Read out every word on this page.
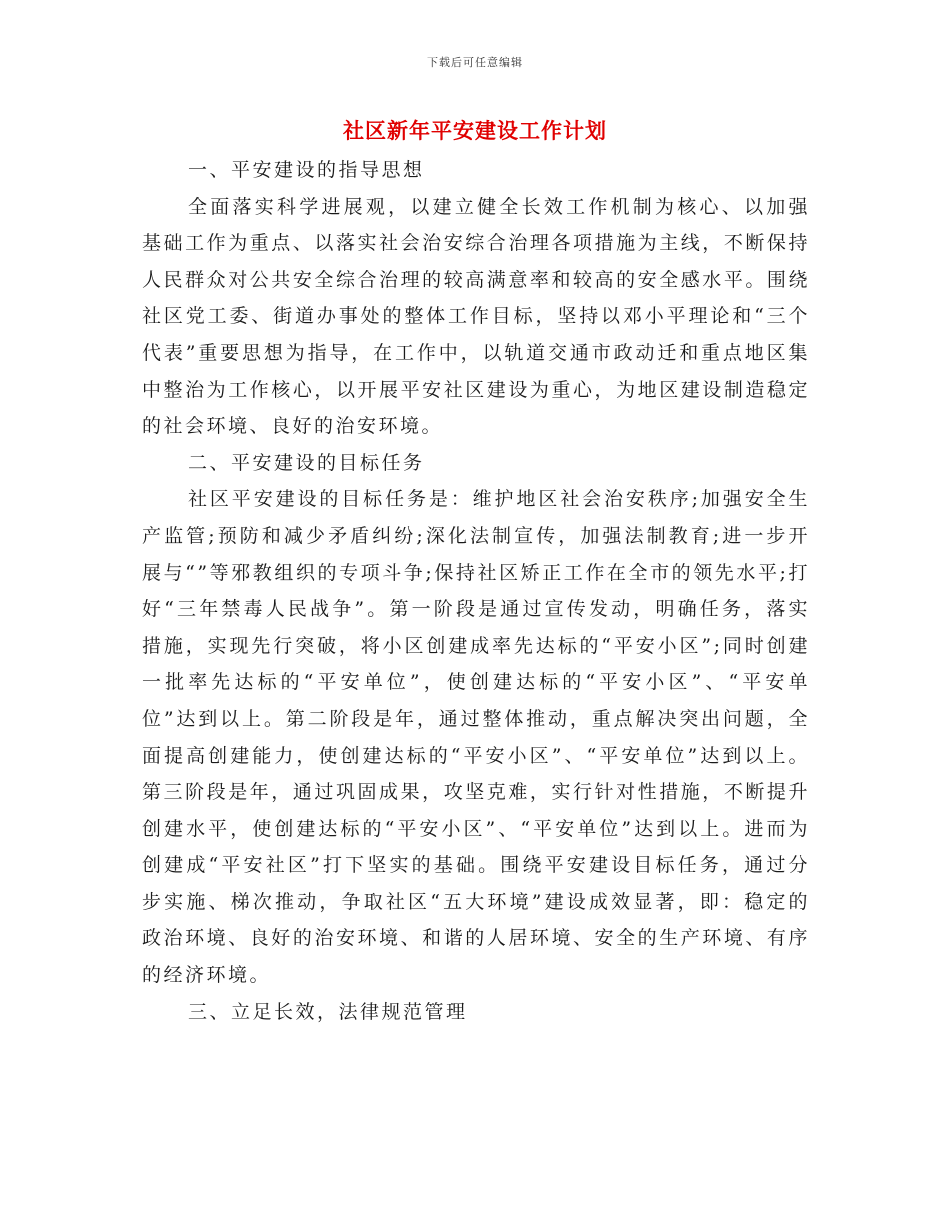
下载后可任意编辑
社区新年平安建设工作计划

一、平安建设的指导思想

全面落实科学进展观，以建立健全长效工作机制为核心、以加强基础工作为重点、以落实社会治安综合治理各项措施为主线，不断保持人民群众对公共安全综合治理的较高满意率和较高的安全感水平。围绕社区党工委、街道办事处的整体工作目标，坚持以邓小平理论和“三个代表”重要思想为指导，在工作中，以轨道交通市政动迁和重点地区集中整治为工作核心，以开展平安社区建设为重心，为地区建设制造稳定的社会环境、良好的治安环境。

二、平安建设的目标任务

社区平安建设的目标任务是：维护地区社会治安秩序;加强安全生产监管;预防和减少矛盾纠纷;深化法制宣传，加强法制教育;进一步开展与“”等邪教组织的专项斗争;保持社区矫正工作在全市的领先水平;打好“三年禁毒人民战争”。第一阶段是通过宣传发动，明确任务，落实措施，实现先行突破，将小区创建成率先达标的“平安小区”;同时创建一批率先达标的“平安单位”，使创建达标的“平安小区”、“平安单位”达到以上。第二阶段是年，通过整体推动，重点解决突出问题，全面提高创建能力，使创建达标的“平安小区”、“平安单位”达到以上。第三阶段是年，通过巩固成果，攻坚克难，实行针对性措施，不断提升创建水平，使创建达标的“平安小区”、“平安单位”达到以上。进而为创建成“平安社区”打下坚实的基础。围绕平安建设目标任务，通过分步实施、梯次推动，争取社区“五大环境”建设成效显著，即：稳定的政治环境、良好的治安环境、和谐的人居环境、安全的生产环境、有序的经济环境。

三、立足长效，法律规范管理
